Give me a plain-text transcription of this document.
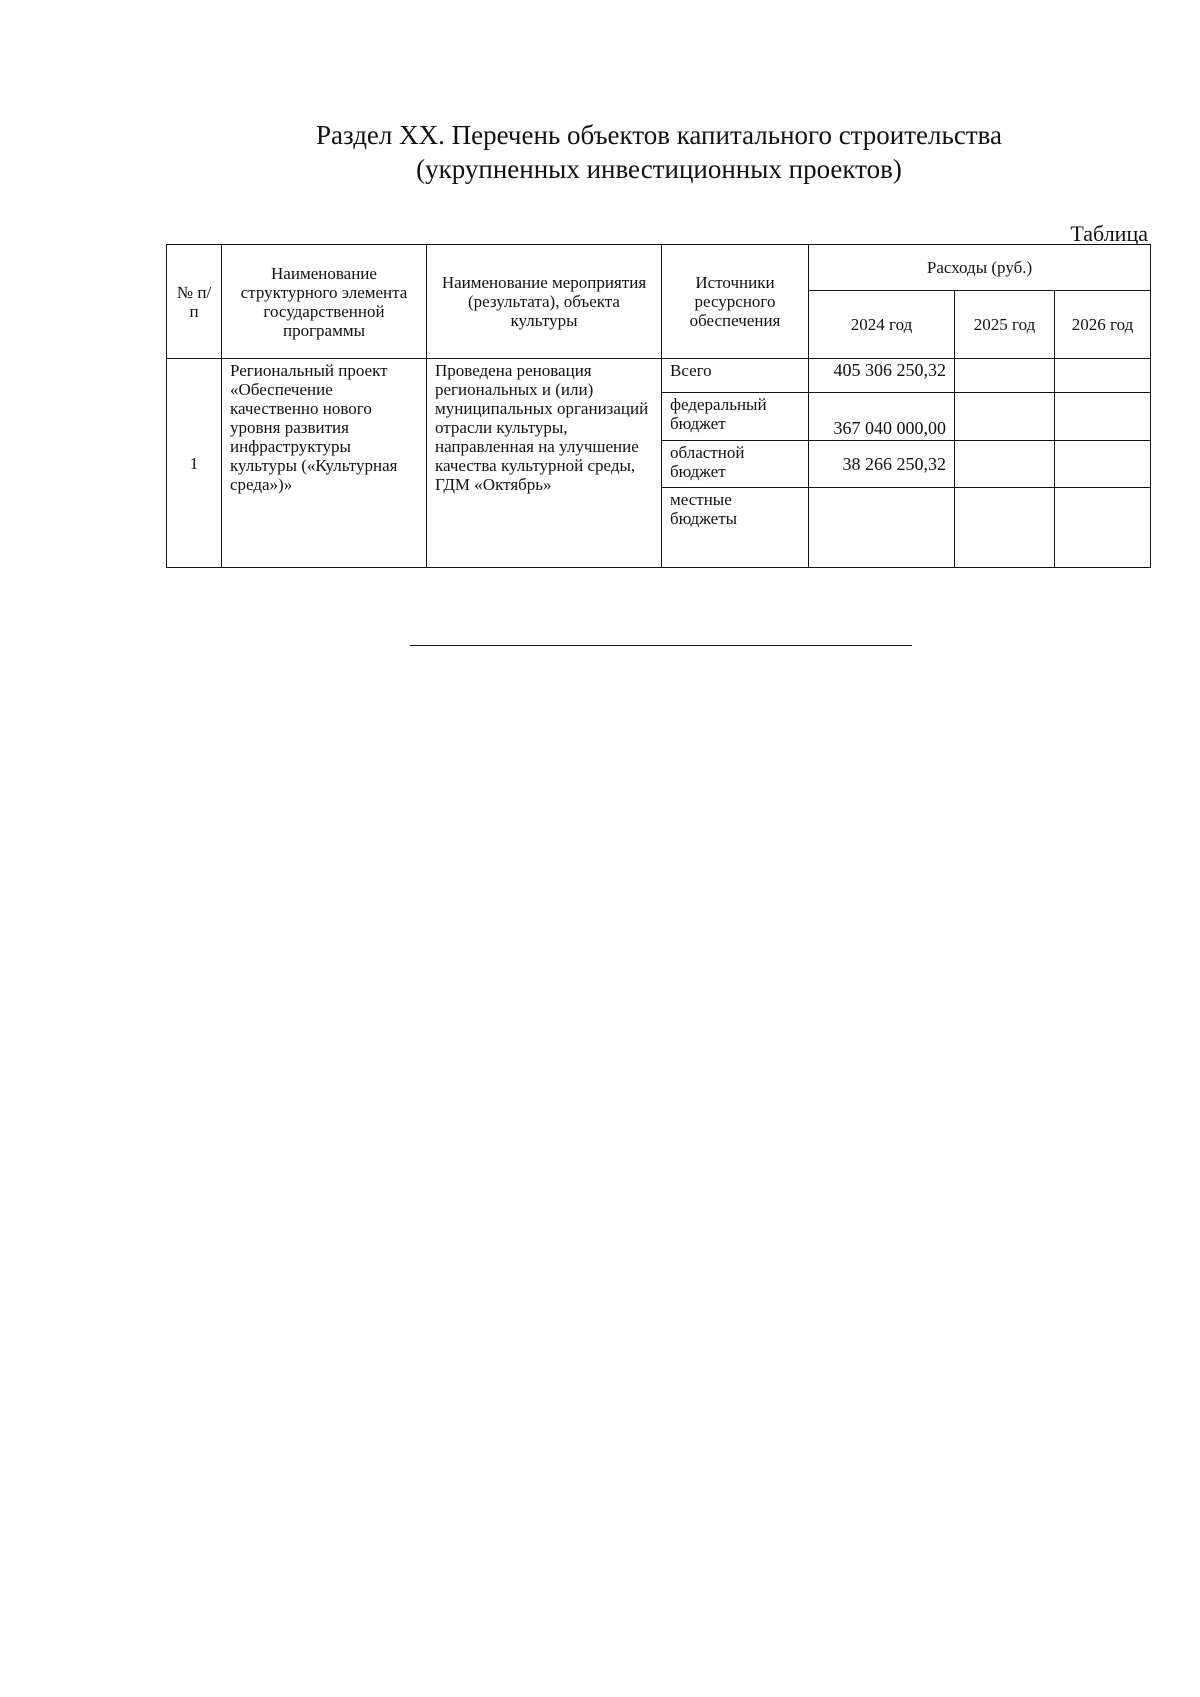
Раздел XX. Перечень объектов капитального строительства
(укрупненных инвестиционных проектов)
Таблица
№ п/п	Наименование структурного элемента государственной программы	Наименование мероприятия (результата), объекта культуры	Источники ресурсного обеспечения	Расходы (руб.)		
				2024 год	2025 год	2026 год
1	Региональный проект «Обеспечение качественно нового уровня развития инфраструктуры культуры («Культурная среда»)»	Проведена реновация региональных и (или) муниципальных организаций отрасли культуры, направленная на улучшение качества культурной среды, ГДМ «Октябрь»	Всего	405 306 250,32		
			федеральный бюджет	367 040 000,00		
			областной бюджет	38 266 250,32		
			местные бюджеты			
